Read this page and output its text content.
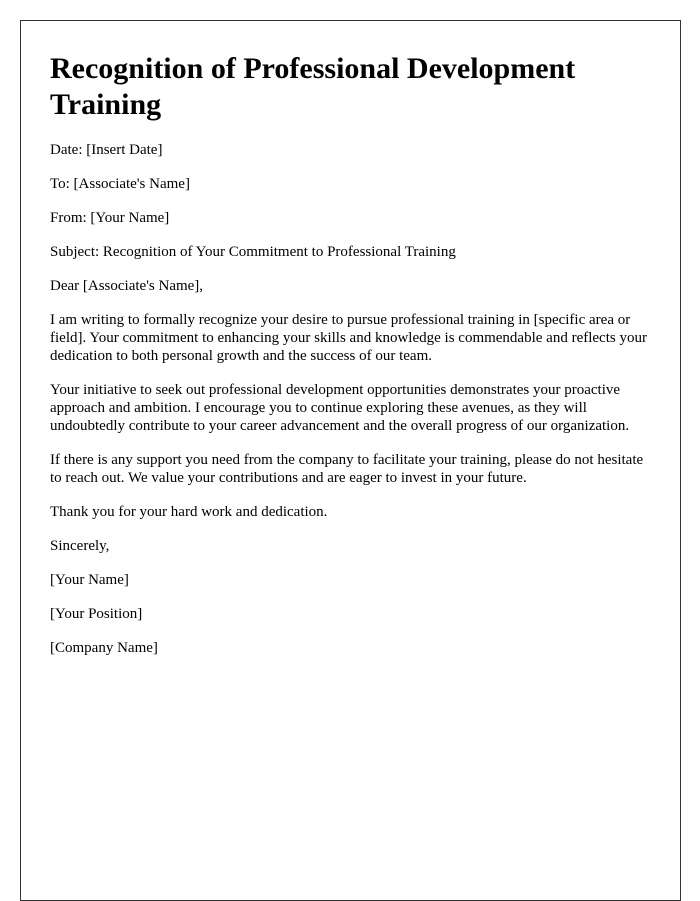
Recognition of Professional Development Training

Date: [Insert Date]

To: [Associate's Name]

From: [Your Name]

Subject: Recognition of Your Commitment to Professional Training

Dear [Associate's Name],

I am writing to formally recognize your desire to pursue professional training in [specific area or field]. Your commitment to enhancing your skills and knowledge is commendable and reflects your dedication to both personal growth and the success of our team.

Your initiative to seek out professional development opportunities demonstrates your proactive approach and ambition. I encourage you to continue exploring these avenues, as they will undoubtedly contribute to your career advancement and the overall progress of our organization.

If there is any support you need from the company to facilitate your training, please do not hesitate to reach out. We value your contributions and are eager to invest in your future.

Thank you for your hard work and dedication.

Sincerely,

[Your Name]

[Your Position]

[Company Name]
